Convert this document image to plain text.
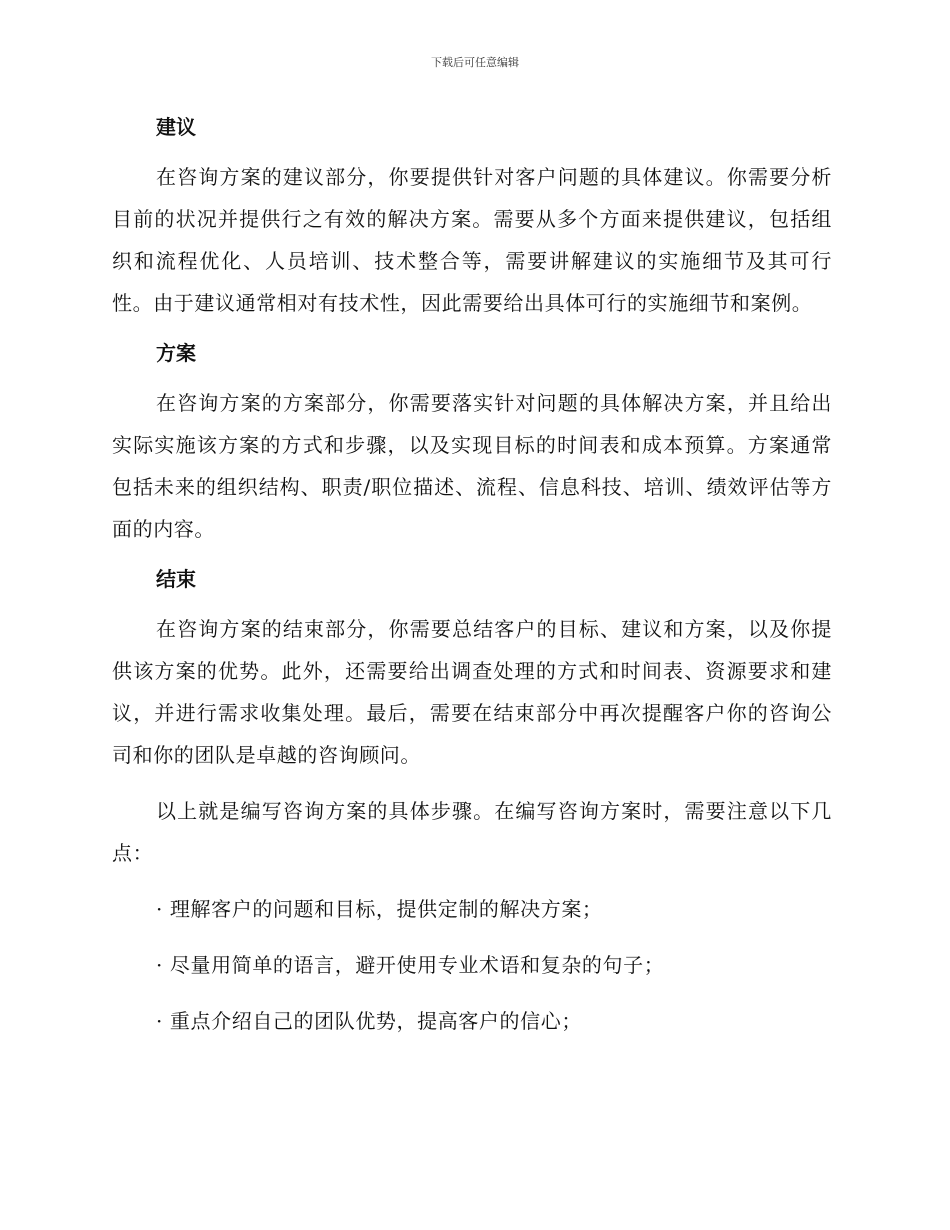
下载后可任意编辑
建议

在咨询方案的建议部分，你要提供针对客户问题的具体建议。你需要分析目前的状况并提供行之有效的解决方案。需要从多个方面来提供建议，包括组织和流程优化、人员培训、技术整合等，需要讲解建议的实施细节及其可行性。由于建议通常相对有技术性，因此需要给出具体可行的实施细节和案例。

方案

在咨询方案的方案部分，你需要落实针对问题的具体解决方案，并且给出实际实施该方案的方式和步骤，以及实现目标的时间表和成本预算。方案通常包括未来的组织结构、职责/职位描述、流程、信息科技、培训、绩效评估等方面的内容。

结束

在咨询方案的结束部分，你需要总结客户的目标、建议和方案，以及你提供该方案的优势。此外，还需要给出调查处理的方式和时间表、资源要求和建议，并进行需求收集处理。最后，需要在结束部分中再次提醒客户你的咨询公司和你的团队是卓越的咨询顾问。

以上就是编写咨询方案的具体步骤。在编写咨询方案时，需要注意以下几点：

· 理解客户的问题和目标，提供定制的解决方案；

· 尽量用简单的语言，避开使用专业术语和复杂的句子；

· 重点介绍自己的团队优势，提高客户的信心；
